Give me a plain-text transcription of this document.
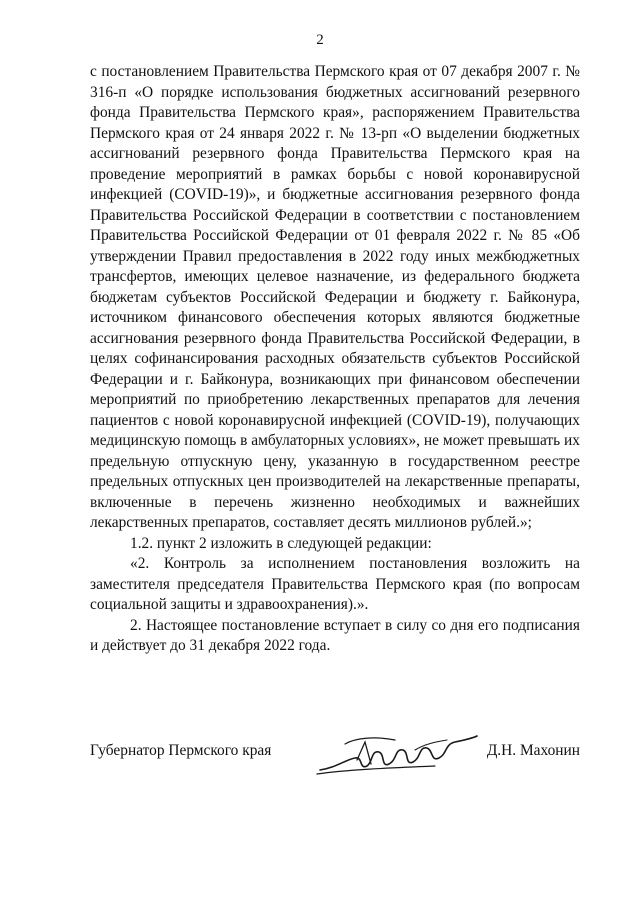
2

с постановлением Правительства Пермского края от 07 декабря 2007 г. № 316-п «О порядке использования бюджетных ассигнований резервного фонда Правительства Пермского края», распоряжением Правительства Пермского края от 24 января 2022 г. № 13-рп «О выделении бюджетных ассигнований резервного фонда Правительства Пермского края на проведение мероприятий в рамках борьбы с новой коронавирусной инфекцией (COVID-19)», и бюджетные ассигнования резервного фонда Правительства Российской Федерации в соответствии с постановлением Правительства Российской Федерации от 01 февраля 2022 г. № 85 «Об утверждении Правил предоставления в 2022 году иных межбюджетных трансфертов, имеющих целевое назначение, из федерального бюджета бюджетам субъектов Российской Федерации и бюджету г. Байконура, источником финансового обеспечения которых являются бюджетные ассигнования резервного фонда Правительства Российской Федерации, в целях софинансирования расходных обязательств субъектов Российской Федерации и г. Байконура, возникающих при финансовом обеспечении мероприятий по приобретению лекарственных препаратов для лечения пациентов с новой коронавирусной инфекцией (COVID-19), получающих медицинскую помощь в амбулаторных условиях», не может превышать их предельную отпускную цену, указанную в государственном реестре предельных отпускных цен производителей на лекарственные препараты, включенные в перечень жизненно необходимых и важнейших лекарственных препаратов, составляет десять миллионов рублей.»;

1.2. пункт 2 изложить в следующей редакции:

«2. Контроль за исполнением постановления возложить на заместителя председателя Правительства Пермского края (по вопросам социальной защиты и здравоохранения).».

2. Настоящее постановление вступает в силу со дня его подписания и действует до 31 декабря 2022 года.

Губернатор Пермского края	Д.Н. Махонин
